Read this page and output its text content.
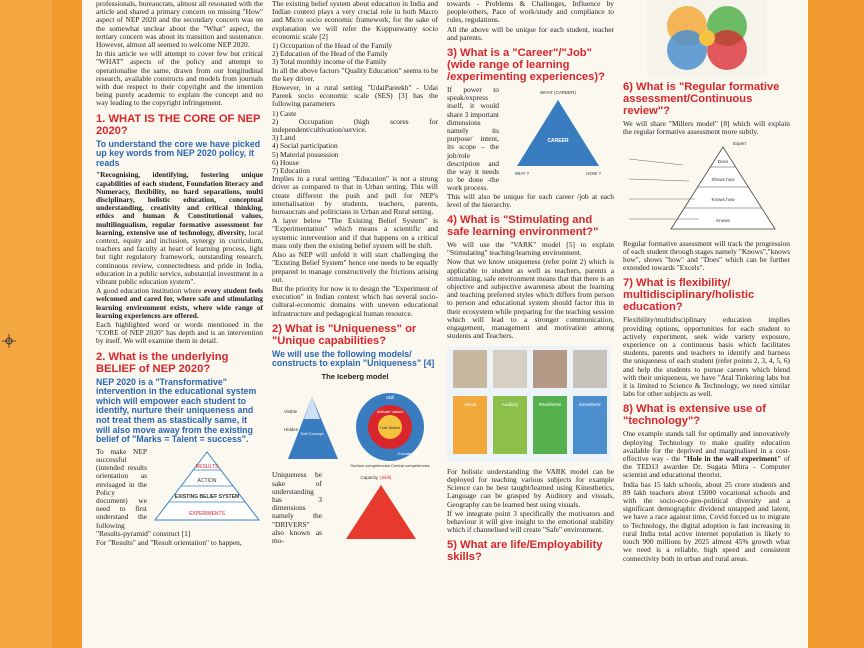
professionals, bureaucrats, almost all resonated with the article and shared a primary concern on missing "How" aspect of NEP 2020 and the secondary concern was on the somewhat unclear about the "What" aspect, the tertiary concern was about its transition and sustenance. However, almost all seemed to welcome NEP 2020.

In this article we will attempt to cover few but critical "WHAT" aspects of the policy and attempt to operationalise the same, drawn from our longitudinal research, available constructs and models from journals with due respect to their copyright and the intention being purely academic to explain the concept and no way leading to the copyright infringement.

1. WHAT IS THE CORE OF NEP 2020?
To understand the core we have picked up key words from NEP 2020 policy, it reads

"Recognising, identifying, fostering unique capabilities of each student, Foundation literacy and Numeracy, flexibility, no hard separations, multi disciplinary, holistic education, conceptual understanding, creativity and critical thinking, ethics and human & Constitutional values, multilingualism, regular formative assessment for learning, extensive use of technology, diversity, local context, equity and inclusion, synergy in curriculum, teachers and faculty at heart of learning process, light but tight regulatory framework, outstanding research, continuous review, connectedness and pride in India, education in a public service, substantial investment in a vibrant public education system".

A good education institution where every student feels welcomed and cared for, where safe and stimulating learning environment exists, where wide range of learning experiences are offered.

Each highlighted word or words mentioned in the "CORE of NEP 2020" has depth and is an intervention by itself. We will examine them in detail.

2. What is the underlying BELIEF of NEP 2020?
NEP 2020 is a "Transformative" intervention in the educational system which will empower each student to identify, nurture their uniqueness and not treat them as stastically same, it will also move away from the existing belief of "Marks = Talent = success".
To make NEP successful (intended results orientation as envisaged in the Policy document) we need to first understand the following
RESULTS
ACTION
EXISTING BELIEF SYSTEM
EXPERIMENTS

"Results-pyramid" construct [1]

For "Results" and "Result orientation" to happen,

The existing belief system about education in India and Indian context plays a very crucial role in both Macro and Micro socio economic framework, for the sake of explanation we will refer the Kuppuswamy socio economic scale [2]

1) Occupation of the Head of the Family
2) Education of the Head of the Family
3) Total monthly income of the Family

In all the above factors "Quality Education" seems to be the key driver.

However, in a rural setting "UdaiPareekh" - Udai Pareek socio economic scale (SES) [3] has the following parameters

1) Caste
2) Occupation (high scores for independent/cultivation/service.
3) Land
4) Social participation
5) Material possession
6) House
7) Education

Implies in a rural setting "Education" is not a strong driver as compared to that in Urban setting. This will create different the push and pull for NEP's internalisation by students, teachers, parents, bureaucrats and politicians in Urban and Rural setting.

A layer below "The Existing Belief System" is "Experimentation" which means a scientific and systemic intervention and if that happens on a critical mass only then the existing belief system will be shift.

Also as NEP will unfold it will start challenging the "Existing Belief System" hence one needs to be equally prepared to manage constructively the frictions arising out.

But the priority for now is to design the "Experiment of execution" in Indian context which has several socio-cultural-economic domains with uneven educational infrastructure and pedagogical human resource.

2) What is "Uniqueness" or "Unique capabilities?
We will use the following models/ constructs to explain "Uniqueness" [4]
The Iceberg model
Visible
Hidden
Self Concept
Skill
Attitude Values
Trait Motive
Knowledge
Surface competencies Central competencies
Uniqueness be sake of understanding has 3 dimensions namely the "DRIVERS" also known as mo-
Capacity (Skill)

towards - Problems & Challenges, Influence by people/others, Pace of work/study and compliance to rules, regulations.

All the above will be unique for each student, teacher and parents.

3) What is a "Career"/"Job" (wide range of learning /experimenting experiences)?
If power to speak/express itself, it would share 3 important dimensions namely its purpose/ intent, its scope – the job/role description and the way it needs to be done -the work process.
WHAT (CAREER)
CAREER
WHY ?	HOW ?

This will also be unique for each career /job at each level of the hierarchy.

4) What is "Stimulating and safe learning environment?"

We will use the "VARK" model [5] to explain "Stimulating" teaching/learning environment.

Now that we know uniqueness (refer point 2) which is applicable to student as well as teachers, parents a stimulating, safe environment means that that there is an objective and subjective awareness about the learning and teaching preferred styles which differs from person to person and educational system should factor this in their ecosystem while preparing for the teaching session which will lead to a stronger communication, engagement, management and motivation among students and Teachers.

Visual	Auditory	Read/Write	Kinesthetic

For holistic understanding the VARK model can be deployed for teaching various subjects for example Science can be best taught/learned using Kinesthetics, Language can be grasped by Auditory and visuals, Geography can be learned best using visuals.

If we integrate point 3 specifically the motivators and behaviour it will give insight to the emotional stability which if channelised will create "Safe" environment.

5) What are life/Employability skills?
6) What is "Regular formative assessment/Continuous review"?

We will share "Millers model" [8] which will explain the regular formative assessment more subtly.

Does
Shows how
Knows how
Knows
Expert

Regular formative assessment will track the progression of each student through stages namely "Knows","knows how", shows "how" and "Does" which can be further extended towards "Excels".

7) What is flexibility/ multidisciplinary/holistic education?

Flexibility/multidisciplinary education implies providing options, opportunities for each student to actively experiment, seek wide variety exposure, experience on a continuous basis which facilitates students, parents and teachers to identify and harness the uniqueness of each student (refer points 2, 3, 4, 5, 6) and help the students to pursue careers which blend with their uniqueness, we have "Atal Tinkering labs but it is limited to Science & Technology, we need similar labs for other subjects as well.

8) What is extensive use of "technology"?

One example stands tall for optimally and innovatively deploying Technology to make quality education available for the deprived and marginalised in a cost-effective way - the "Hole in the wall experiment" of the TED13 awardee Dr. Sugata Mitra - Computer scientist and educational theorist.

India has 15 lakh schools, about 25 crore students and 89 lakh teachers about 15000 vocational schools and with the socio-eco-geo-political diversity and a significant demographic dividend untapped and latent, we have a race against time, Covid forced us to migrate to Technology, the digital adoption is fast increasing in rural India total active internet population is likely to touch 900 millions by 2025 almost 45% growth what we need is a reliable, high speed and consistent connectivity both in urban and rural areas.
